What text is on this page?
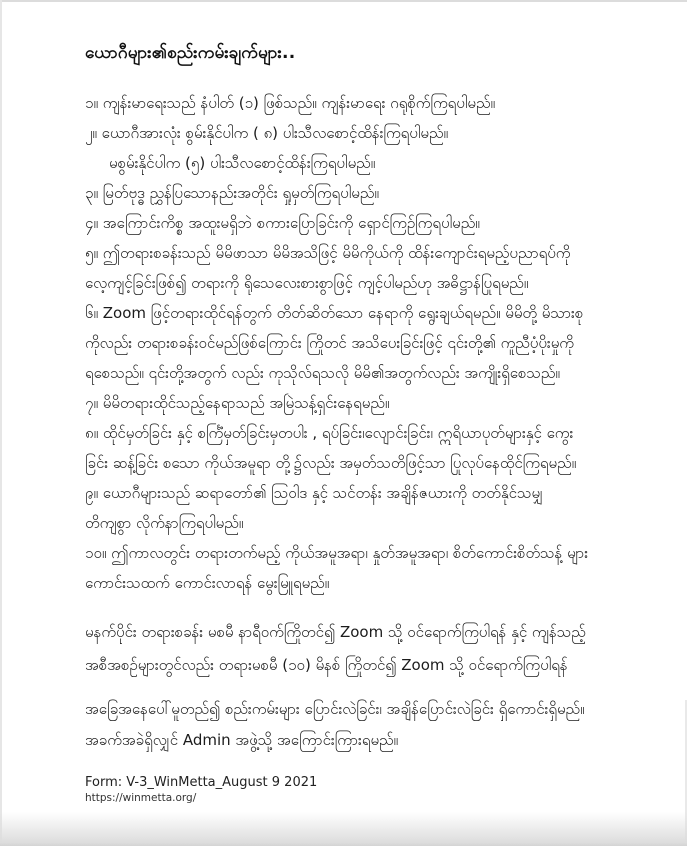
ယောဂီများ၏စည်းကမ်းချက်များ..
၁။ ကျန်းမာရေးသည် နံပါတ် (၁) ဖြစ်သည်။ ကျန်းမာရေး ဂရုစိုက်ကြရပါမည်။
၂။ ယောဂီအားလုံး စွမ်းနိုင်ပါက ( ၈) ပါးသီလစောင့်ထိန်းကြရပါမည်။
မစွမ်းနိုင်ပါက (၅) ပါးသီလစောင့်ထိန်းကြရပါမည်။
၃။ မြတ်ဗုဒ္ဓ ညွှန်ပြသောနည်းအတိုင်း ရှုမှတ်ကြရပါမည်။
၄။ အကြောင်းကိစ္စ အထူးမရှိဘဲ စကားပြောခြင်းကို ရှောင်ကြဉ်ကြရပါမည်။
၅။ ဤတရားစခန်းသည် မိမိဖာသာ မိမိအသိဖြင့် မိမိကိုယ်ကို ထိန်းကျောင်းရမည့်ပညာရပ်ကို
လေ့ကျင့်ခြင်းဖြစ်၍ တရားကို ရိုသေလေးစားစွာဖြင့် ကျင့်ပါမည်ဟု အဓိဋ္ဌာန်ပြုရမည်။
၆။ Zoom ဖြင့်တရားထိုင်ရန်တွက် တိတ်ဆိတ်သော နေရာကို ရွေးချယ်ရမည်။ မိမိတို့ မိသားစု
ကိုလည်း တရားစခန်းဝင်မည်ဖြစ်ကြောင်း ကြိုတင် အသိပေးခြင်းဖြင့် ၎င်းတို့၏ ကူညီပံ့ပိုးမှုကို
ရစေသည်။ ၎င်းတို့အတွက် လည်း ကုသိုလ်ရသလို မိမိ၏အတွက်လည်း အကျိုးရှိစေသည်။
၇။ မိမိတရားထိုင်သည့်နေရာသည် အမြဲသန့်ရှင်းနေရမည်။
၈။ ထိုင်မှတ်ခြင်း နှင့် စင်္ကြံမှတ်ခြင်းမှတပါး , ရပ်ခြင်း၊လျောင်းခြင်း၊ ဣရိယာပုတ်များနှင့် ကွေး
ခြင်း ဆန့်ခြင်း စသော ကိုယ်အမူရာ တို့၌လည်း အမှတ်သတိဖြင့်သာ ပြုလုပ်နေထိုင်ကြရမည်။
၉။ ယောဂီများသည် ဆရာတော်၏ ဩဝါဒ နှင့် သင်တန်း အချိန်ဇယားကို တတ်နိုင်သမျှ
တိကျစွာ လိုက်နာကြရပါမည်။
၁၀။ ဤကာလတွင်း တရားတက်မည့် ကိုယ်အမူအရာ၊ နှုတ်အမူအရာ၊ စိတ်ကောင်းစိတ်သန့် များ
ကောင်းသထက် ကောင်းလာရန် မွေးမြူရမည်။
မနက်ပိုင်း တရားစခန်း မစမီ နာရီဝက်ကြိုတင်၍ Zoom သို့ ဝင်ရောက်ကြပါရန် နှင့် ကျန်သည့်
အစီအစဉ်များတွင်လည်း တရားမစမီ (၁၀) မိနစ် ကြိုတင်၍ Zoom သို့ ဝင်ရောက်ကြပါရန်
အခြေအနေပေါ်မူတည်၍ စည်းကမ်းများ ပြောင်းလဲခြင်း၊ အချိန်ပြောင်းလဲခြင်း ရှိကောင်းရှိမည်။
အခက်အခဲရှိလျှင် Admin အဖွဲ့သို့ အကြောင်းကြားရမည်။
Form: V-3_WinMetta_August 9 2021
https://winmetta.org/
